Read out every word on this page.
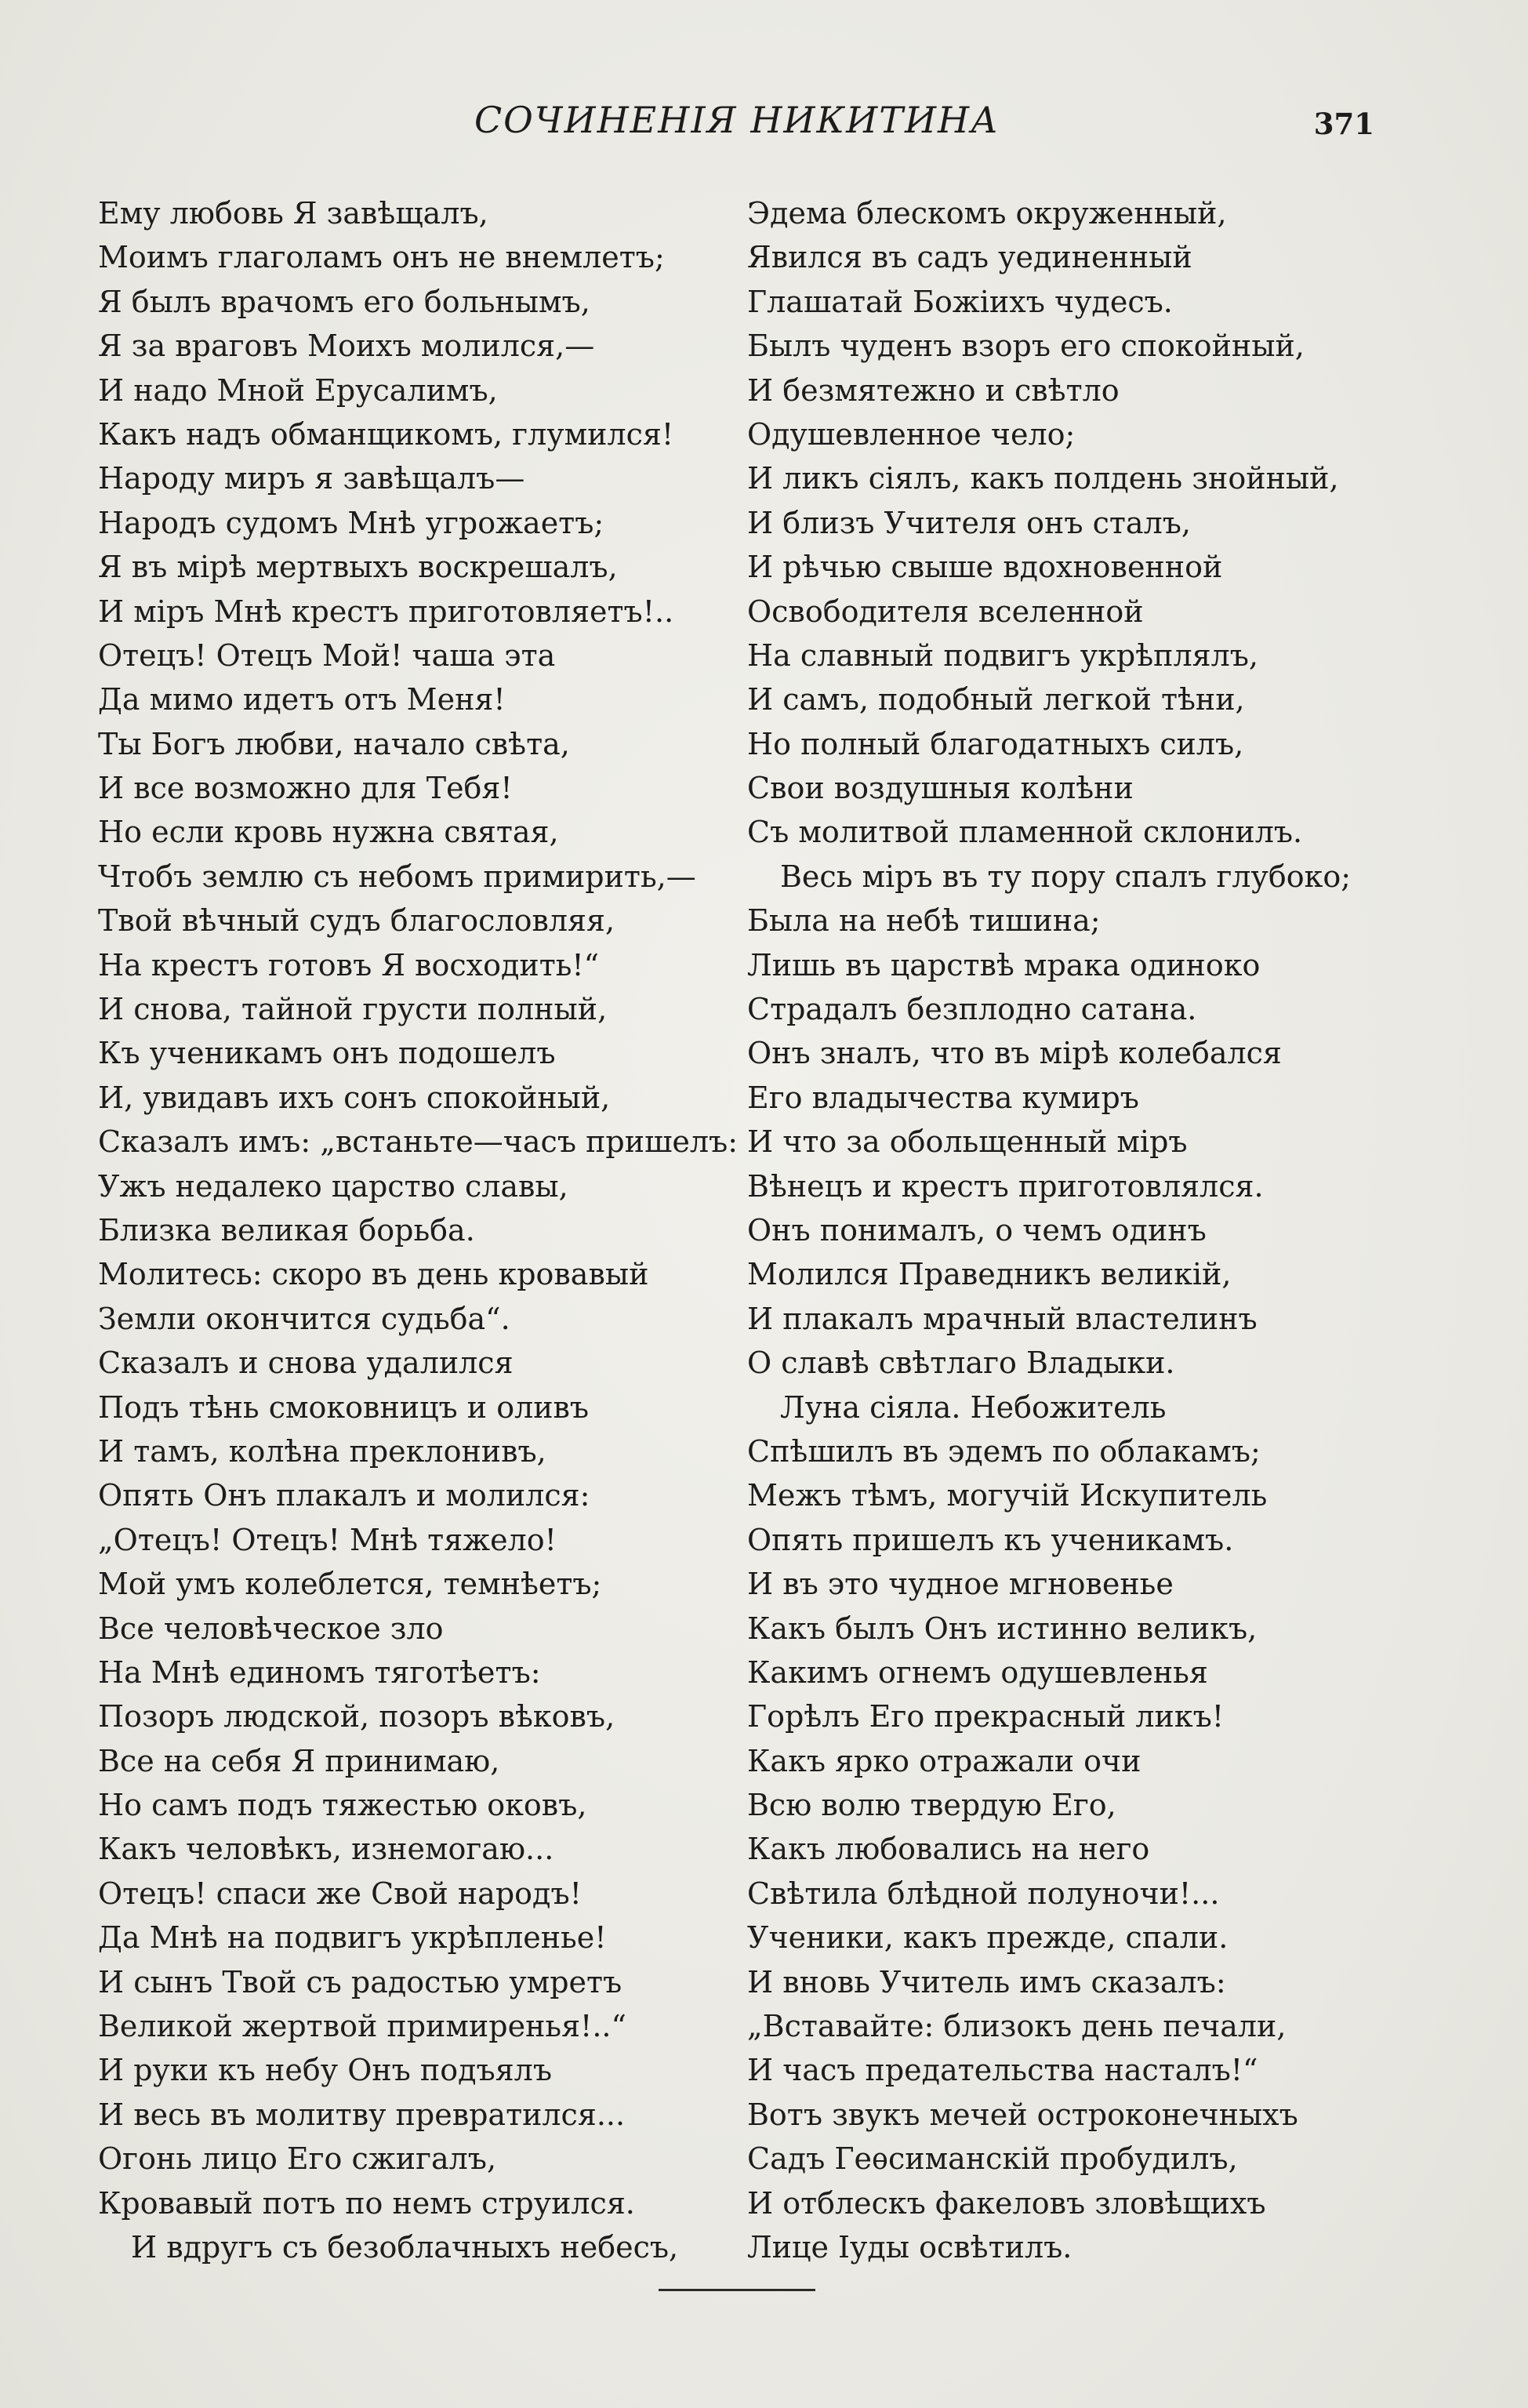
СОЧИНЕНІЯ НИКИТИНА	371

Ему любовь Я завѣщалъ,
Моимъ глаголамъ онъ не внемлетъ;
Я былъ врачомъ его больнымъ,
Я за враговъ Моихъ молился,—
И надо Мной Ерусалимъ,
Какъ надъ обманщикомъ, глумился!
Народу миръ я завѣщалъ—
Народъ судомъ Мнѣ угрожаетъ;
Я въ мірѣ мертвыхъ воскрешалъ,
И міръ Мнѣ крестъ приготовляетъ!..
Отецъ! Отецъ Мой! чаша эта
Да мимо идетъ отъ Меня!
Ты Богъ любви, начало свѣта,
И все возможно для Тебя!
Но если кровь нужна святая,
Чтобъ землю съ небомъ примирить,—
Твой вѣчный судъ благословляя,
На крестъ готовъ Я восходить!“
И снова, тайной грусти полный,
Къ ученикамъ онъ подошелъ
И, увидавъ ихъ сонъ спокойный,
Сказалъ имъ: „встаньте—часъ пришелъ:
Ужъ недалеко царство славы,
Близка великая борьба.
Молитесь: скоро въ день кровавый
Земли окончится судьба“.
Сказалъ и снова удалился
Подъ тѣнь смоковницъ и оливъ
И тамъ, колѣна преклонивъ,
Опять Онъ плакалъ и молился:
„Отецъ! Отецъ! Мнѣ тяжело!
Мой умъ колеблется, темнѣетъ;
Все человѣческое зло
На Мнѣ единомъ тяготѣетъ:
Позоръ людской, позоръ вѣковъ,
Все на себя Я принимаю,
Но самъ подъ тяжестью оковъ,
Какъ человѣкъ, изнемогаю...
Отецъ! спаси же Свой народъ!
Да Мнѣ на подвигъ укрѣпленье!
И сынъ Твой съ радостью умретъ
Великой жертвой примиренья!..“
И руки къ небу Онъ подъялъ
И весь въ молитву превратился...
Огонь лицо Его сжигалъ,
Кровавый потъ по немъ струился.
И вдругъ съ безоблачныхъ небесъ,
Эдема блескомъ окруженный,
Явился въ садъ уединенный
Глашатай Божіихъ чудесъ.
Былъ чуденъ взоръ его спокойный,
И безмятежно и свѣтло
Одушевленное чело;
И ликъ сіялъ, какъ полдень знойный,
И близъ Учителя онъ сталъ,
И рѣчью свыше вдохновенной
Освободителя вселенной
На славный подвигъ укрѣплялъ,
И самъ, подобный легкой тѣни,
Но полный благодатныхъ силъ,
Свои воздушныя колѣни
Съ молитвой пламенной склонилъ.
Весь міръ въ ту пору спалъ глубоко;
Была на небѣ тишина;
Лишь въ царствѣ мрака одиноко
Страдалъ безплодно сатана.
Онъ зналъ, что въ мірѣ колебался
Его владычества кумиръ
И что за обольщенный міръ
Вѣнецъ и крестъ приготовлялся.
Онъ понималъ, о чемъ одинъ
Молился Праведникъ великій,
И плакалъ мрачный властелинъ
О славѣ свѣтлаго Владыки.
Луна сіяла. Небожитель
Спѣшилъ въ эдемъ по облакамъ;
Межъ тѣмъ, могучій Искупитель
Опять пришелъ къ ученикамъ.
И въ это чудное мгновенье
Какъ былъ Онъ истинно великъ,
Какимъ огнемъ одушевленья
Горѣлъ Его прекрасный ликъ!
Какъ ярко отражали очи
Всю волю твердую Его,
Какъ любовались на него
Свѣтила блѣдной полуночи!...
Ученики, какъ прежде, спали.
И вновь Учитель имъ сказалъ:
„Вставайте: близокъ день печали,
И часъ предательства насталъ!“
Вотъ звукъ мечей остроконечныхъ
Садъ Геѳсиманскій пробудилъ,
И отблескъ факеловъ зловѣщихъ
Лице Іуды освѣтилъ.
